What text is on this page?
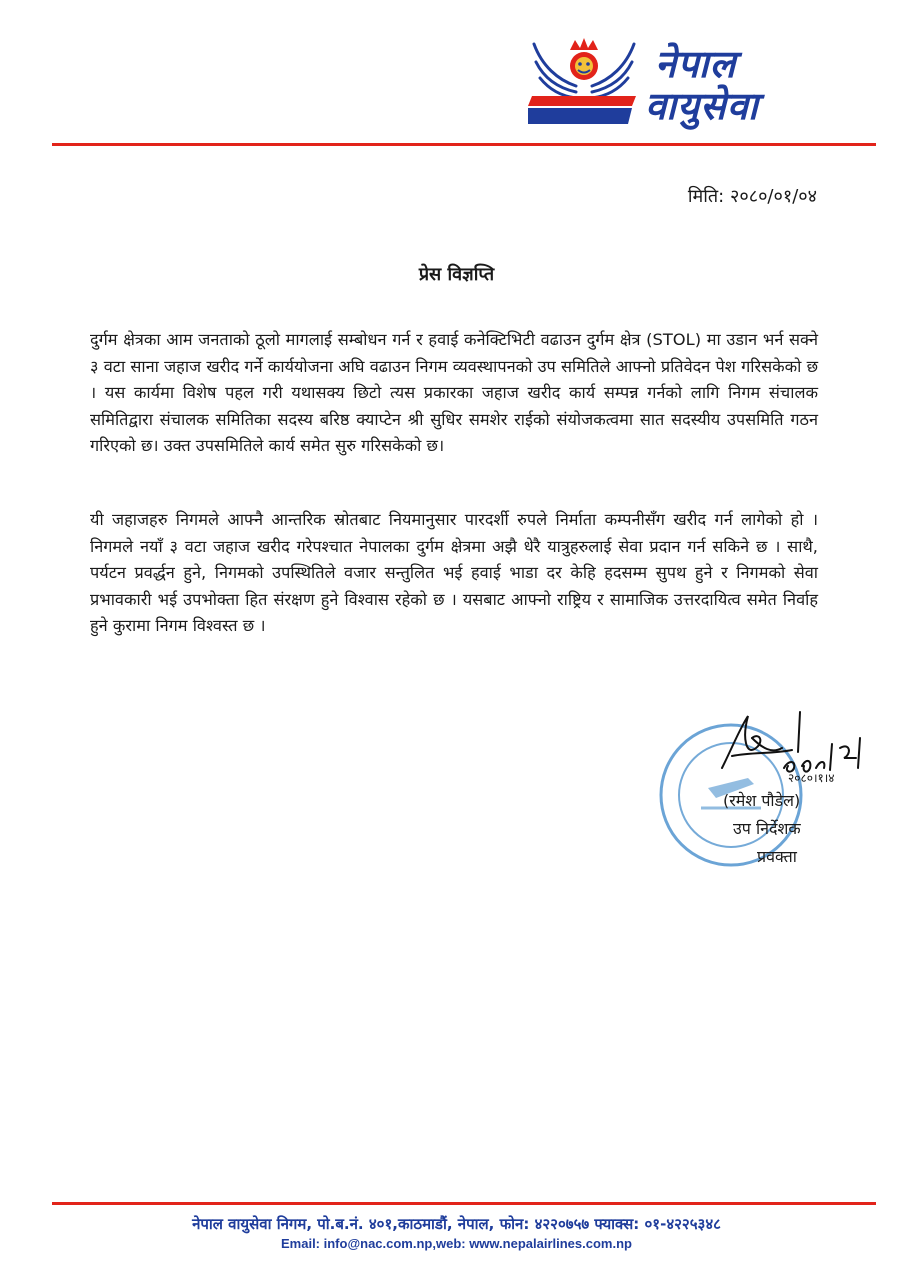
नेपाल
वायुसेवा
मिति: २०८०/०१/०४
प्रेस विज्ञप्ति

दुर्गम क्षेत्रका आम जनताको ठूलो मागलाई सम्बोधन गर्न र हवाई कनेक्टिभिटी वढाउन दुर्गम क्षेत्र (STOL) मा उडान भर्न सक्ने ३ वटा साना जहाज खरीद गर्ने कार्ययोजना अघि वढाउन निगम व्यवस्थापनको उप समितिले आफ्नो प्रतिवेदन पेश गरिसकेको छ । यस कार्यमा विशेष पहल गरी यथासक्य छिटो त्यस प्रकारका जहाज खरीद कार्य सम्पन्न गर्नको लागि निगम संचालक समितिद्वारा संचालक समितिका सदस्य बरिष्ठ क्याप्टेन श्री सुधिर समशेर राईको संयोजकत्वमा सात सदस्यीय उपसमिति गठन गरिएको छ। उक्त उपसमितिले कार्य समेत सुरु गरिसकेको छ।

यी जहाजहरु निगमले आफ्नै आन्तरिक स्रोतबाट नियमानुसार पारदर्शी रुपले निर्माता कम्पनीसँग खरीद गर्न लागेको हो । निगमले नयाँ ३ वटा जहाज खरीद गरेपश्चात नेपालका दुर्गम क्षेत्रमा अझै धेरै यात्रुहरुलाई सेवा प्रदान गर्न सकिने छ । साथै, पर्यटन प्रवर्द्धन हुने, निगमको उपस्थितिले वजार सन्तुलित भई हवाई भाडा दर केहि हदसम्म सुपथ हुने र निगमको सेवा प्रभावकारी भई उपभोक्ता हित संरक्षण हुने विश्वास रहेको छ । यसबाट आफ्नो राष्ट्रिय र सामाजिक उत्तरदायित्व समेत निर्वाह हुने कुरामा निगम विश्वस्त छ ।

२०८०।१।४
(रमेश पौडेल)
उप निर्देशक
प्रवक्ता
नेपाल वायुसेवा निगम, पो.ब.नं. ४०१,काठमाडौं, नेपाल, फोन: ४२२०७५७ फ्याक्स: ०१-४२२५३४८
Email: info@nac.com.np,web: www.nepalairlines.com.np
